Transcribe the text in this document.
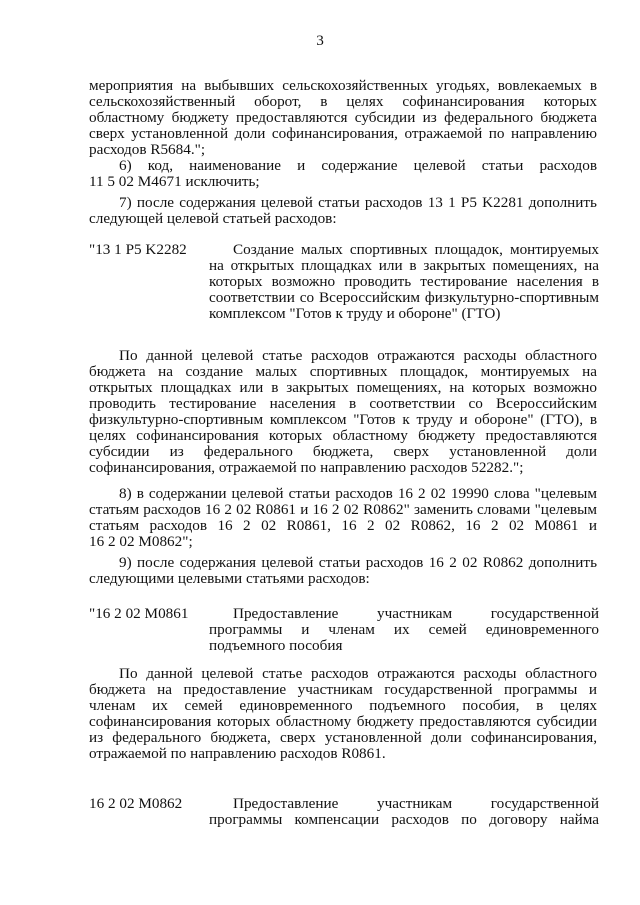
3
мероприятия на выбывших сельскохозяйственных угодьях, вовлекаемых в
сельскохозяйственный оборот, в целях софинансирования которых
областному бюджету предоставляются субсидии из федерального бюджета
сверх установленной доли софинансирования, отражаемой по направлению
расходов R5684.";
6) код, наименование и содержание целевой статьи расходов
11 5 02 M4671 исключить;
7) после содержания целевой статьи расходов 13 1 P5 K2281 дополнить
следующей целевой статьей расходов:
"13 1 P5 K2282	Создание малых спортивных площадок, монтируемых
на открытых площадках или в закрытых помещениях, на
которых возможно проводить тестирование населения в
соответствии со Всероссийским физкультурно-спортивным
комплексом "Готов к труду и обороне" (ГТО)
По данной целевой статье расходов отражаются расходы областного
бюджета на создание малых спортивных площадок, монтируемых на
открытых площадках или в закрытых помещениях, на которых возможно
проводить тестирование населения в соответствии со Всероссийским
физкультурно-спортивным комплексом "Готов к труду и обороне" (ГТО), в
целях софинансирования которых областному бюджету предоставляются
субсидии из федерального бюджета, сверх установленной доли
софинансирования, отражаемой по направлению расходов 52282.";
8) в содержании целевой статьи расходов 16 2 02 19990 слова "целевым
статьям расходов 16 2 02 R0861 и 16 2 02 R0862" заменить словами "целевым
статьям расходов 16 2 02 R0861, 16 2 02 R0862, 16 2 02 M0861 и
16 2 02 M0862";
9) после содержания целевой статьи расходов 16 2 02 R0862 дополнить
следующими целевыми статьями расходов:
"16 2 02 M0861	Предоставление участникам государственной
программы и членам их семей единовременного
подъемного пособия
По данной целевой статье расходов отражаются расходы областного
бюджета на предоставление участникам государственной программы и
членам их семей единовременного подъемного пособия, в целях
софинансирования которых областному бюджету предоставляются субсидии
из федерального бюджета, сверх установленной доли софинансирования,
отражаемой по направлению расходов R0861.
16 2 02 M0862	Предоставление участникам государственной
программы компенсации расходов по договору найма
